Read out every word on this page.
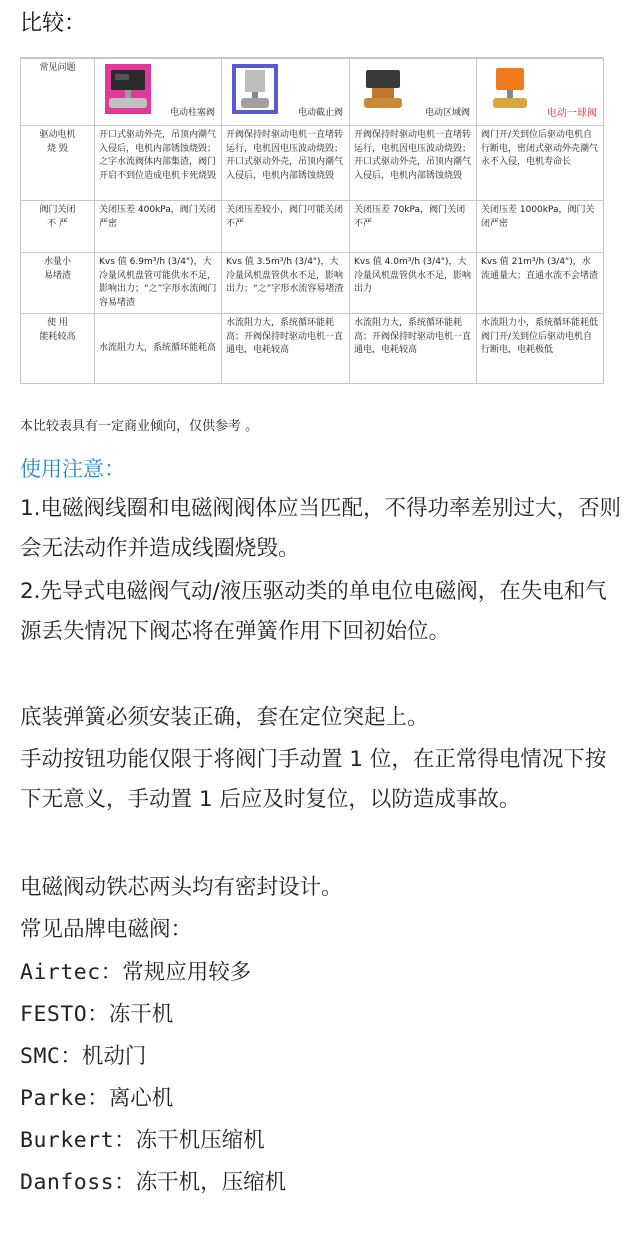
比较：
常见问题	电动柱塞阀	电动截止阀	电动区域阀	电动一球阀

驱动电机
烧 毁	开口式驱动外壳，吊顶内潮气入侵后，电机内部锈蚀烧毁；之字水流阀体内部集渣，阀门开启不到位造成电机卡死烧毁	开阀保持时驱动电机一直堵转运行，电机因电压波动烧毁；开口式驱动外壳，吊顶内潮气入侵后，电机内部锈蚀烧毁	开阀保持时驱动电机一直堵转运行，电机因电压波动烧毁；开口式驱动外壳，吊顶内潮气入侵后，电机内部锈蚀烧毁	阀门开/关到位后驱动电机自行断电，密闭式驱动外壳潮气永不入侵，电机寿命长

阀门关闭
不 严	关闭压差 400kPa，阀门关闭严密	关闭压差较小，阀门可能关闭不严	关闭压差 70kPa，阀门关闭不严	关闭压差 1000kPa，阀门关闭严密

水量小
易堵渣	Kvs 值 6.9m³/h (3/4")，大冷量风机盘管可能供水不足，影响出力；“之”字形水流阀门容易堵渣	Kvs 值 3.5m³/h (3/4")，大冷量风机盘管供水不足，影响出力；“之”字形水流容易堵渣	Kvs 值 4.0m³/h (3/4")，大冷量风机盘管供水不足，影响出力	Kvs 值 21m³/h (3/4")，水流通量大；直通水流不会堵渣

使 用
能耗较高	水流阻力大，系统循环能耗高	水流阻力大，系统循环能耗高；开阀保持时驱动电机一直通电，电耗较高	水流阻力大，系统循环能耗高；开阀保持时驱动电机一直通电，电耗较高	水流阻力小，系统循环能耗低阀门开/关到位后驱动电机自行断电，电耗极低
本比较表具有一定商业倾向，仅供参考 。
使用注意：
1.电磁阀线圈和电磁阀阀体应当匹配，不得功率差别过大，否则会无法动作并造成线圈烧毁。
2.先导式电磁阀气动/液压驱动类的单电位电磁阀，在失电和气源丢失情况下阀芯将在弹簧作用下回初始位。
底装弹簧必须安装正确，套在定位突起上。
手动按钮功能仅限于将阀门手动置 1 位，在正常得电情况下按下无意义，手动置 1 后应及时复位，以防造成事故。
电磁阀动铁芯两头均有密封设计。
常见品牌电磁阀：
Airtec：常规应用较多
FESTO：冻干机
SMC：机动门
Parke：离心机
Burkert：冻干机压缩机
Danfoss：冻干机，压缩机
